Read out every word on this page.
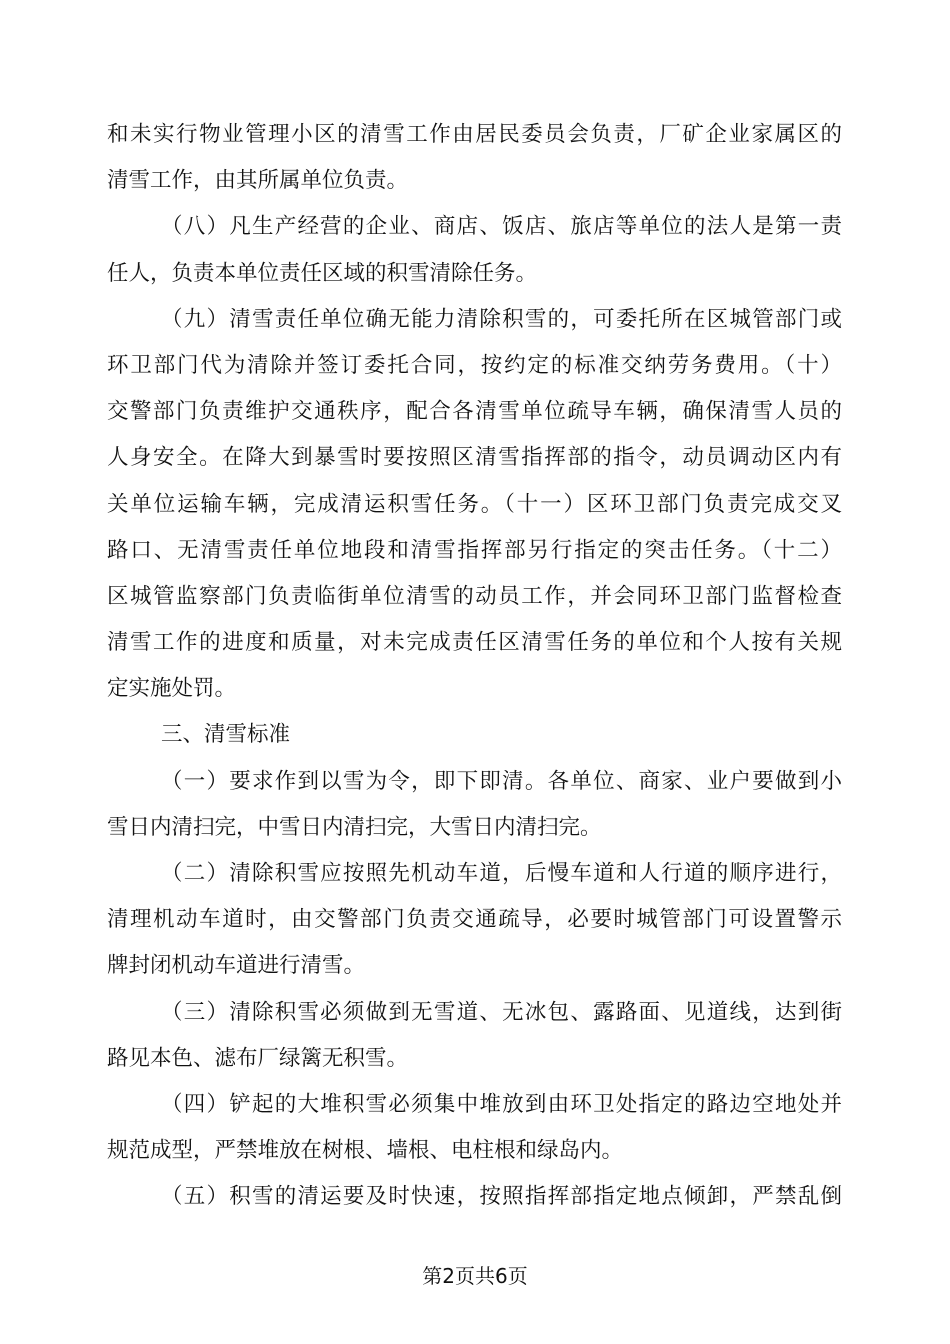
和未实行物业管理小区的清雪工作由居民委员会负责，厂矿企业家属区的
清雪工作，由其所属单位负责。
（八）凡生产经营的企业、商店、饭店、旅店等单位的法人是第一责
任人，负责本单位责任区域的积雪清除任务。
（九）清雪责任单位确无能力清除积雪的，可委托所在区城管部门或
环卫部门代为清除并签订委托合同，按约定的标准交纳劳务费用。（十）
交警部门负责维护交通秩序，配合各清雪单位疏导车辆，确保清雪人员的
人身安全。在降大到暴雪时要按照区清雪指挥部的指令，动员调动区内有
关单位运输车辆，完成清运积雪任务。（十一）区环卫部门负责完成交叉
路口、无清雪责任单位地段和清雪指挥部另行指定的突击任务。（十二）
区城管监察部门负责临街单位清雪的动员工作，并会同环卫部门监督检查
清雪工作的进度和质量，对未完成责任区清雪任务的单位和个人按有关规
定实施处罚。
三、清雪标准
（一）要求作到以雪为令，即下即清。各单位、商家、业户要做到小
雪日内清扫完，中雪日内清扫完，大雪日内清扫完。
（二）清除积雪应按照先机动车道，后慢车道和人行道的顺序进行，
清理机动车道时，由交警部门负责交通疏导，必要时城管部门可设置警示
牌封闭机动车道进行清雪。
（三）清除积雪必须做到无雪道、无冰包、露路面、见道线，达到街
路见本色、滤布厂绿篱无积雪。
（四）铲起的大堆积雪必须集中堆放到由环卫处指定的路边空地处并
规范成型，严禁堆放在树根、墙根、电柱根和绿岛内。
（五）积雪的清运要及时快速，按照指挥部指定地点倾卸，严禁乱倒
第2页共6页
